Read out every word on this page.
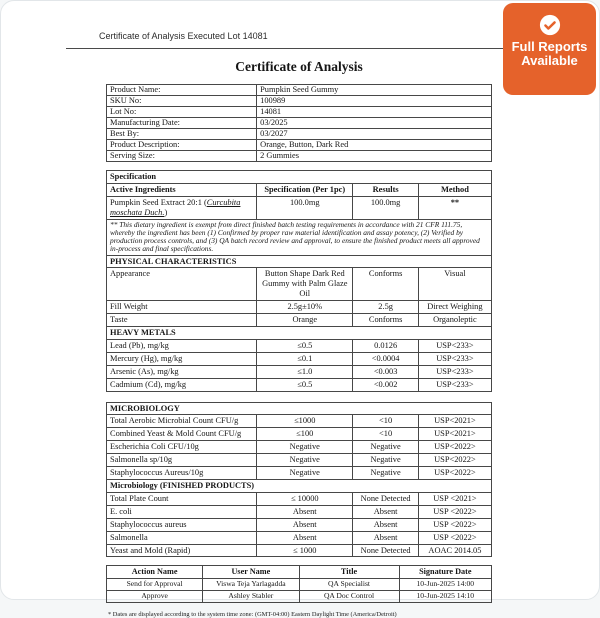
Certificate of Analysis Executed Lot 14081
Full Reports
Available
Certificate of Analysis
Product Name:	Pumpkin Seed Gummy
SKU No:	100989
Lot No:	14081
Manufacturing Date:	03/2025
Best By:	03/2027
Product Description:	Orange, Button, Dark Red
Serving Size:	2 Gummies
Specification			
Active Ingredients	Specification (Per 1pc)	Results	Method
Pumpkin Seed Extract 20:1 (Curcubita moschata Duch.)	100.0mg	100.0mg	**
** This dietary ingredient is exempt from direct finished batch testing requirements in accordance with 21 CFR 111.75, whereby the ingredient has been (1) Confirmed by proper raw material identification and assay potency, (2) Verified by production process controls, and (3) QA batch record review and approval, to ensure the finished product meets all approved in-process and final specifications.			
PHYSICAL CHARACTERISTICS			
Appearance	Button Shape Dark Red Gummy with Palm Glaze Oil	Conforms	Visual
Fill Weight	2.5g±10%	2.5g	Direct Weighing
Taste	Orange	Conforms	Organoleptic
HEAVY METALS			
Lead (Pb), mg/kg	≤0.5	0.0126	USP<233>
Mercury (Hg), mg/kg	≤0.1	<0.0004	USP<233>
Arsenic (As), mg/kg	≤1.0	<0.003	USP<233>
Cadmium (Cd), mg/kg	≤0.5	<0.002	USP<233>
MICROBIOLOGY			
Total Aerobic Microbial Count CFU/g	≤1000	<10	USP<2021>
Combined Yeast & Mold Count CFU/g	≤100	<10	USP<2021>
Escherichia Coli CFU/10g	Negative	Negative	USP<2022>
Salmonella sp/10g	Negative	Negative	USP<2022>
Staphylococcus Aureus/10g	Negative	Negative	USP<2022>
Microbiology (FINISHED PRODUCTS)			
Total Plate Count	≤ 10000	None Detected	USP <2021>
E. coli	Absent	Absent	USP <2022>
Staphylococcus aureus	Absent	Absent	USP <2022>
Salmonella	Absent	Absent	USP <2022>
Yeast and Mold (Rapid)	≤ 1000	None Detected	AOAC 2014.05
Action Name	User Name	Title	Signature Date
Send for Approval	Viswa Teja Yarlagadda	QA Specialist	10-Jun-2025 14:00
Approve	Ashley Stabler	QA Doc Control	10-Jun-2025 14:10
* Dates are displayed according to the system time zone: (GMT-04:00) Eastern Daylight Time (America/Detroit)
